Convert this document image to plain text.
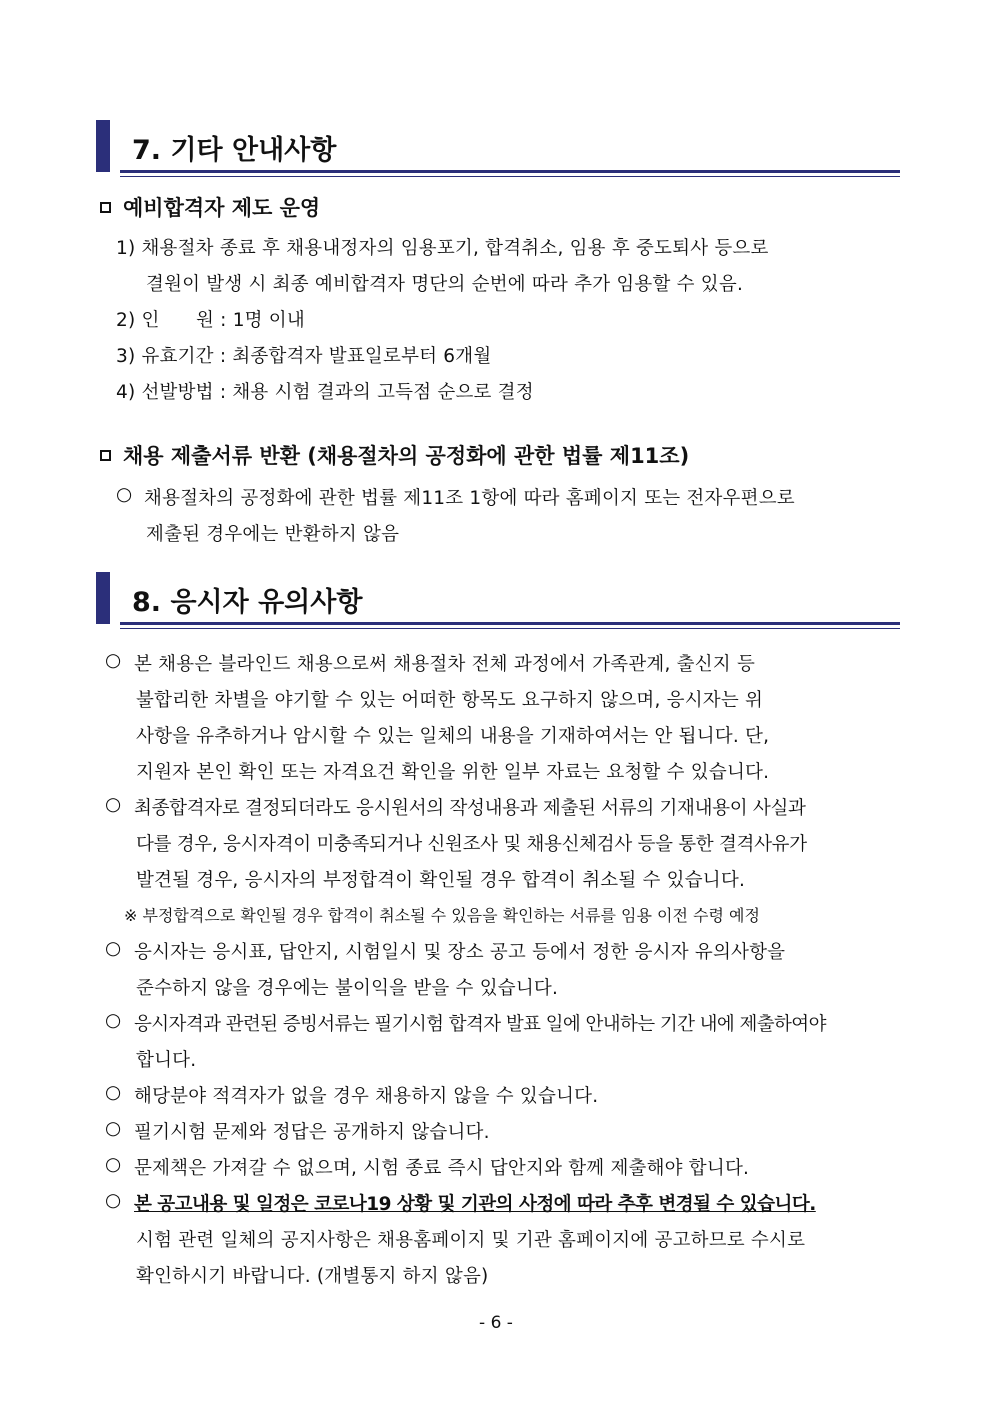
7. 기타 안내사항
예비합격자 제도 운영
1) 채용절차 종료 후 채용내정자의 임용포기, 합격취소, 임용 후 중도퇴사 등으로
결원이 발생 시 최종 예비합격자 명단의 순번에 따라 추가 임용할 수 있음.
2) 인      원 : 1명 이내
3) 유효기간 : 최종합격자 발표일로부터 6개월
4) 선발방법 : 채용 시험 결과의 고득점 순으로 결정
채용 제출서류 반환 (채용절차의 공정화에 관한 법률 제11조)
○ 채용절차의 공정화에 관한 법률 제11조 1항에 따라 홈페이지 또는 전자우편으로
제출된 경우에는 반환하지 않음
8. 응시자 유의사항
○ 본 채용은 블라인드 채용으로써 채용절차 전체 과정에서 가족관계, 출신지 등
불합리한 차별을 야기할 수 있는 어떠한 항목도 요구하지 않으며, 응시자는 위
사항을 유추하거나 암시할 수 있는 일체의 내용을 기재하여서는 안 됩니다. 단,
지원자 본인 확인 또는 자격요건 확인을 위한 일부 자료는 요청할 수 있습니다.
○ 최종합격자로 결정되더라도 응시원서의 작성내용과 제출된 서류의 기재내용이 사실과
다를 경우, 응시자격이 미충족되거나 신원조사 및 채용신체검사 등을 통한 결격사유가
발견될 경우, 응시자의 부정합격이 확인될 경우 합격이 취소될 수 있습니다.
※ 부정합격으로 확인될 경우 합격이 취소될 수 있음을 확인하는 서류를 임용 이전 수령 예정
○ 응시자는 응시표, 답안지, 시험일시 및 장소 공고 등에서 정한 응시자 유의사항을
준수하지 않을 경우에는 불이익을 받을 수 있습니다.
○ 응시자격과 관련된 증빙서류는 필기시험 합격자 발표 일에 안내하는 기간 내에 제출하여야
합니다.
○ 해당분야 적격자가 없을 경우 채용하지 않을 수 있습니다.
○ 필기시험 문제와 정답은 공개하지 않습니다.
○ 문제책은 가져갈 수 없으며, 시험 종료 즉시 답안지와 함께 제출해야 합니다.
○ 본 공고내용 및 일정은 코로나19 상황 및 기관의 사정에 따라 추후 변경될 수 있습니다.
시험 관련 일체의 공지사항은 채용홈페이지 및 기관 홈페이지에 공고하므로 수시로
확인하시기 바랍니다. (개별통지 하지 않음)
- 6 -
